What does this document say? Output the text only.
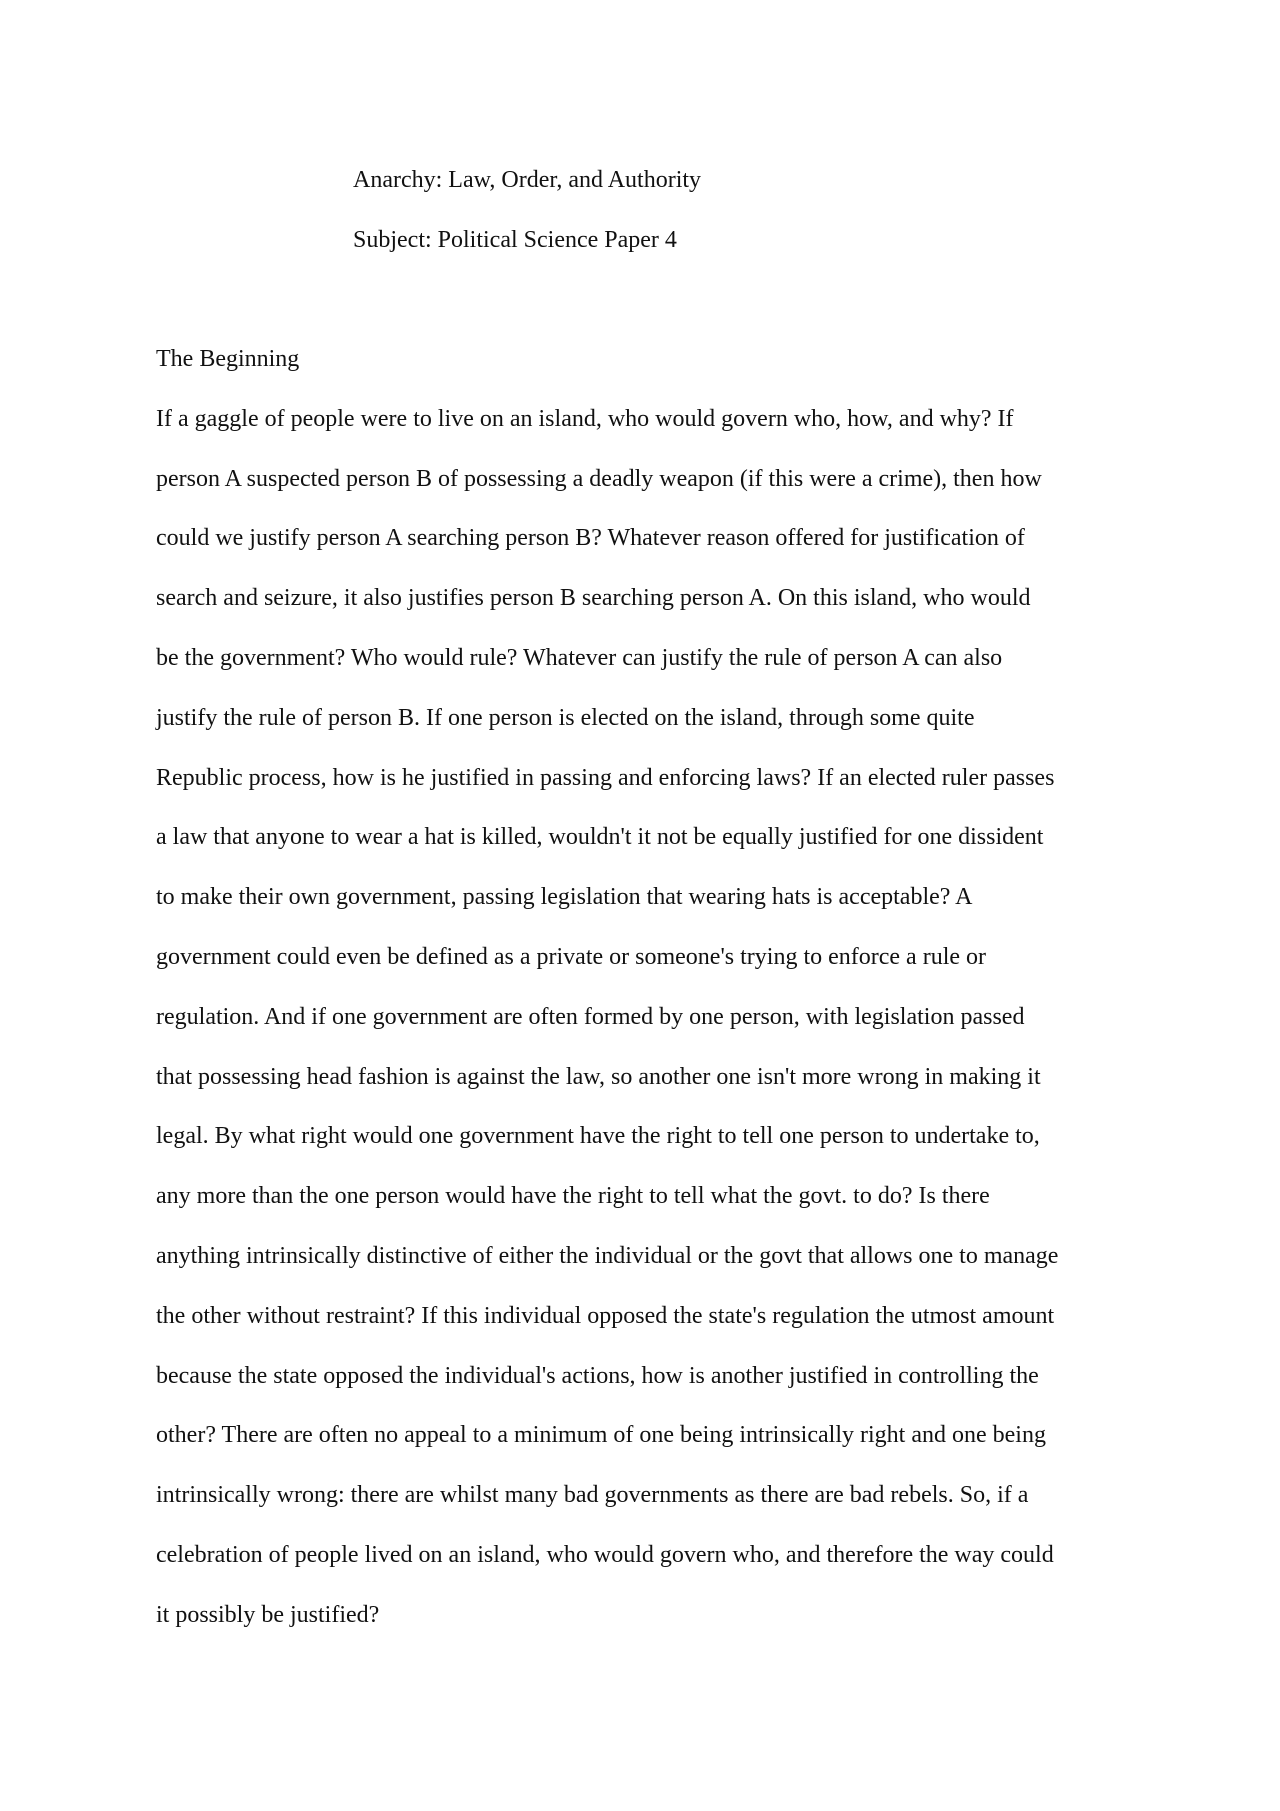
Anarchy: Law, Order, and Authority
Subject: Political Science Paper 4
The Beginning
If a gaggle of people were to live on an island, who would govern who, how, and why? If
person A suspected person B of possessing a deadly weapon (if this were a crime), then how
could we justify person A searching person B? Whatever reason offered for justification of
search and seizure, it also justifies person B searching person A. On this island, who would
be the government? Who would rule? Whatever can justify the rule of person A can also
justify the rule of person B. If one person is elected on the island, through some quite
Republic process, how is he justified in passing and enforcing laws? If an elected ruler passes
a law that anyone to wear a hat is killed, wouldn't it not be equally justified for one dissident
to make their own government, passing legislation that wearing hats is acceptable? A
government could even be defined as a private or someone's trying to enforce a rule or
regulation. And if one government are often formed by one person, with legislation passed
that possessing head fashion is against the law, so another one isn't more wrong in making it
legal. By what right would one government have the right to tell one person to undertake to,
any more than the one person would have the right to tell what the govt. to do? Is there
anything intrinsically distinctive of either the individual or the govt that allows one to manage
the other without restraint? If this individual opposed the state's regulation the utmost amount
because the state opposed the individual's actions, how is another justified in controlling the
other? There are often no appeal to a minimum of one being intrinsically right and one being
intrinsically wrong: there are whilst many bad governments as there are bad rebels. So, if a
celebration of people lived on an island, who would govern who, and therefore the way could
it possibly be justified?
